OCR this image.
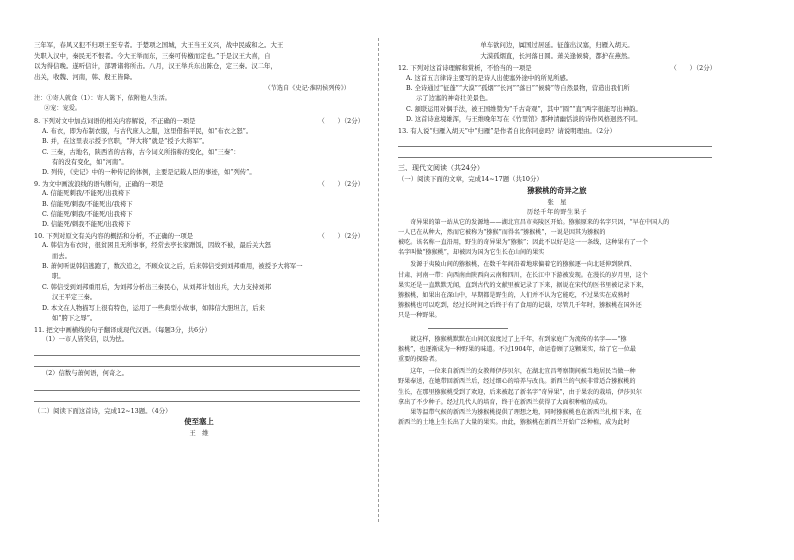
三年军，春风又犯不归项王至专者。于楚项之国城，大王当王义兴，战中民威和之。大王
失职入汉中，秦民无不恨者。今大王举而东，三秦可传檄而定也。”于是汉王大喜，自
以为得信晚。遂听信计，部署诸将所击。八月，汉王举兵东出陈仓，定三秦。汉二年，
出关，收魏、河南，韩、殷王皆降。
（节选自《史记·淮阴侯列传》）
注：①寄人就食（1）：寄人篱下，依附他人生活。
②宠：宠爱。
8. 下列对文中加点词语的相关内容解说，不正确的一项是	（　　）（2分）
A. 布衣，即为布制衣服，与古代庶人之服，这里借指平民，如“布衣之怒”。
B. 并，在这里表示授予官职，“拜大将”就是“授予大将军”。
C. 三秦，古地名，陕西省的古称，古今词义所指称的变化，如“三秦”：
有的没有变化，如“河南”。
D. 列传，《史记》中的一种传记的体例，主要是记载人臣的事迹，如“列传”。
9. 为文中画波浪线的语句断句，正确的一项是	（　　）（2分）
A. 信能死刺我/不能死/出我袴下
B. 信能死/刺我/不能死出/我袴下
C. 信能死/刺我/不能死/出我袴下
D. 信能死/刺我不能死/出我袴下
10. 下列对原文有关内容的概括和分析，不正确的一项是	（　　）（2分）
A. 韩信为布衣时，很贫困且无所事事，经常去亭长家蹭饭，因故不被，最后关大怒
而去。
B. 萧何听说韩信逃跑了，数次追之，不顾众议之后，后来韩信受到刘邦重用，被授予大将军一
职。
C. 韩信受到刘邦重用后，为刘邦分析出三秦民心，从刘邦计划出兵，大力支持刘邦
汉王平定三秦。
D. 本文在人物描写上很有特色，运用了一些典型小故事，如韩信大胆坦言，后来
如“胯下之辱”。
11. 把文中画横线的句子翻译成现代汉语。（每题3分，共6分）
（1）一市人皆笑信，以为怯。
（2）信数与萧何语，何奇之。
（二）阅读下面这首诗，完成12~13题。（4分）
使至塞上
王　维
单车欲问边，属国过居延。征蓬出汉塞，归雁入胡天。
大漠孤烟直，长河落日圆。萧关逢候骑，都护在燕然。
12. 下列对这首诗理解和赏析，不恰当的一项是	（　　）（2分）
A. 这首五言律诗主要写的是诗人出使塞外途中的所见所感。
B. 全诗通过“征蓬”“大漠”“孤烟”“长河”“落日”“候骑”等自然景物，营造出我们所
示了边塞的神奇壮美景色。
C. 颔联运用对偶手法，被王国维赞为“千古奇观”，其中“圆”“直”两字很能写出神韵。
D. 这首诗意境雄浑，与王维晚年写在《竹里馆》那种清幽恬淡的诗作风格迥然不同。
13. 有人说“归雁入胡天”中“归雁”是作者自比你同意吗？请说明理由。（2分）
三、现代文阅读（共24分）
（一）阅读下面的文章，完成14~17题（共10分）
猕猴桃的奇异之旅
张　星
历经千年的野生果子
奇异果的第一站从它的发源地——湖北宜昌市夷陵区开始。猕猴原来的名字只因，“早在中国人的
一人已在从种大，然而它被称为“猕猴”而得名“猕猴桃”，一说是因其为猕猴的
被吃。该名称一直沿用，野生的奇异果为“猕猴”；因此不以好是这一一条线，这种果有了一个
名字叫做“猕猴桃”，却被因为国为它生长在山间的果实
发源于夷陵山间的猕猴桃，在数千年间沿着地球偏着它的猕猴逐一向北延伸到陕西、
甘肃、河南一带：向西南由陕西向云南和四川，在长江中下游被发现。在漫长的岁月里，这个
果实还是一直默默无闻，直到古代的文献里被记录了下来，据说在宋代的医书里被记录下来，
猕猴桃，如果出在深山中，早期都是野生的，人们并不认为它能吃，不过果实在成熟时
猕猴桃也可以吃到，经过长时间之后终于有了食用的记载，尽管几千年时，猕猴桃在国外还
只是一种野果。
就这样，猕猴桃默默在山间沉寂度过了上千年，有到家庭广为流传的名字——“猕
猴桃”，也逐渐成为一种野果的味道。不过1904年，命运眷顾了这颗果实，给了它一位最
重要的探险者。
这年，一位来自新西兰的女教师伊莎贝尔，在湖北宜昌考察期间被当地居民当做一种
野果奉送，在她带回新西兰后，经过细心的培养与改良。新西兰的气候非常适合猕猴桃的
生长，在那里猕猴桃受到了欢迎，后来被起了新名字“奇异果”，由于果农的栽培，伊莎贝尔
拿出了不少种子。经过几代人的培育，终于在新西兰获得了大面积种植的成功。
果等温带气候的新西兰为猕猴桃提供了理想之地，同时猕猴桃也在新西兰扎根下来，在
新西兰的土地上生长出了大量的果实。由此，猕猴桃在新西兰开始广泛种植，成为此时
